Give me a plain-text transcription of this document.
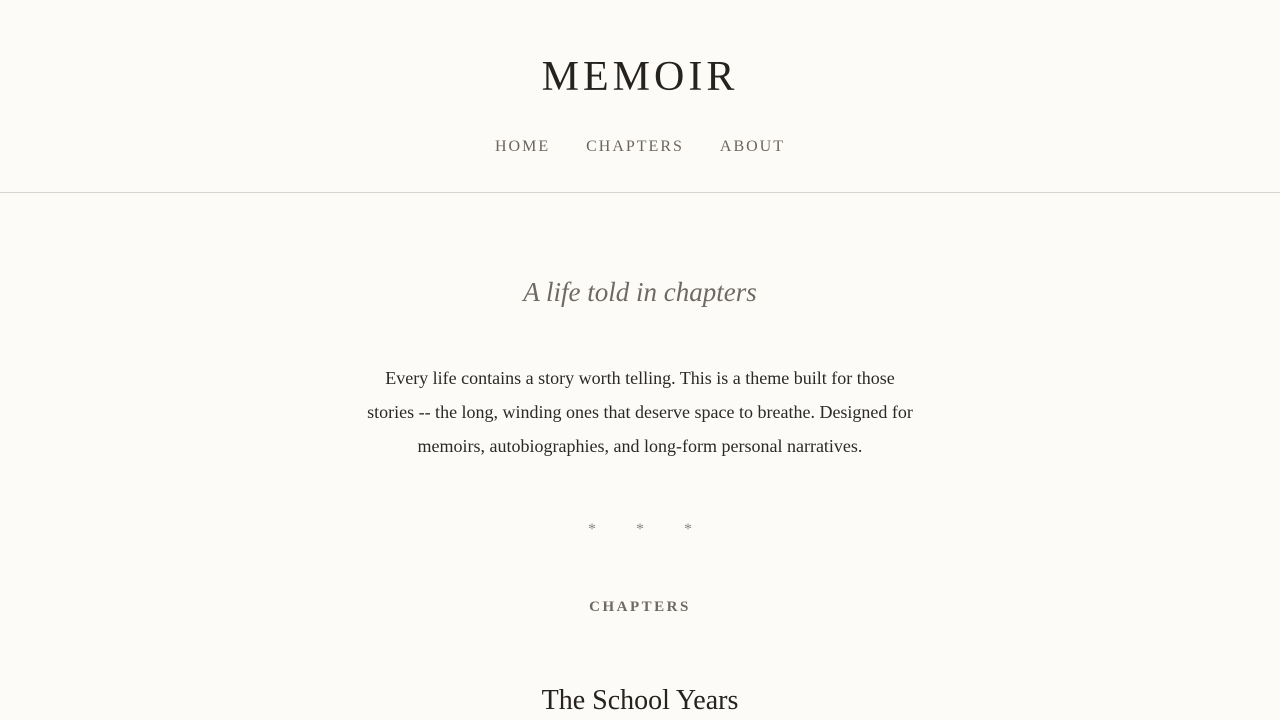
MEMOIR
HOME CHAPTERS ABOUT

A life told in chapters

Every life contains a story worth telling. This is a theme built for those stories -- the long, winding ones that deserve space to breathe. Designed for memoirs, autobiographies, and long-form personal narratives.

* * *
CHAPTERS
The School Years
